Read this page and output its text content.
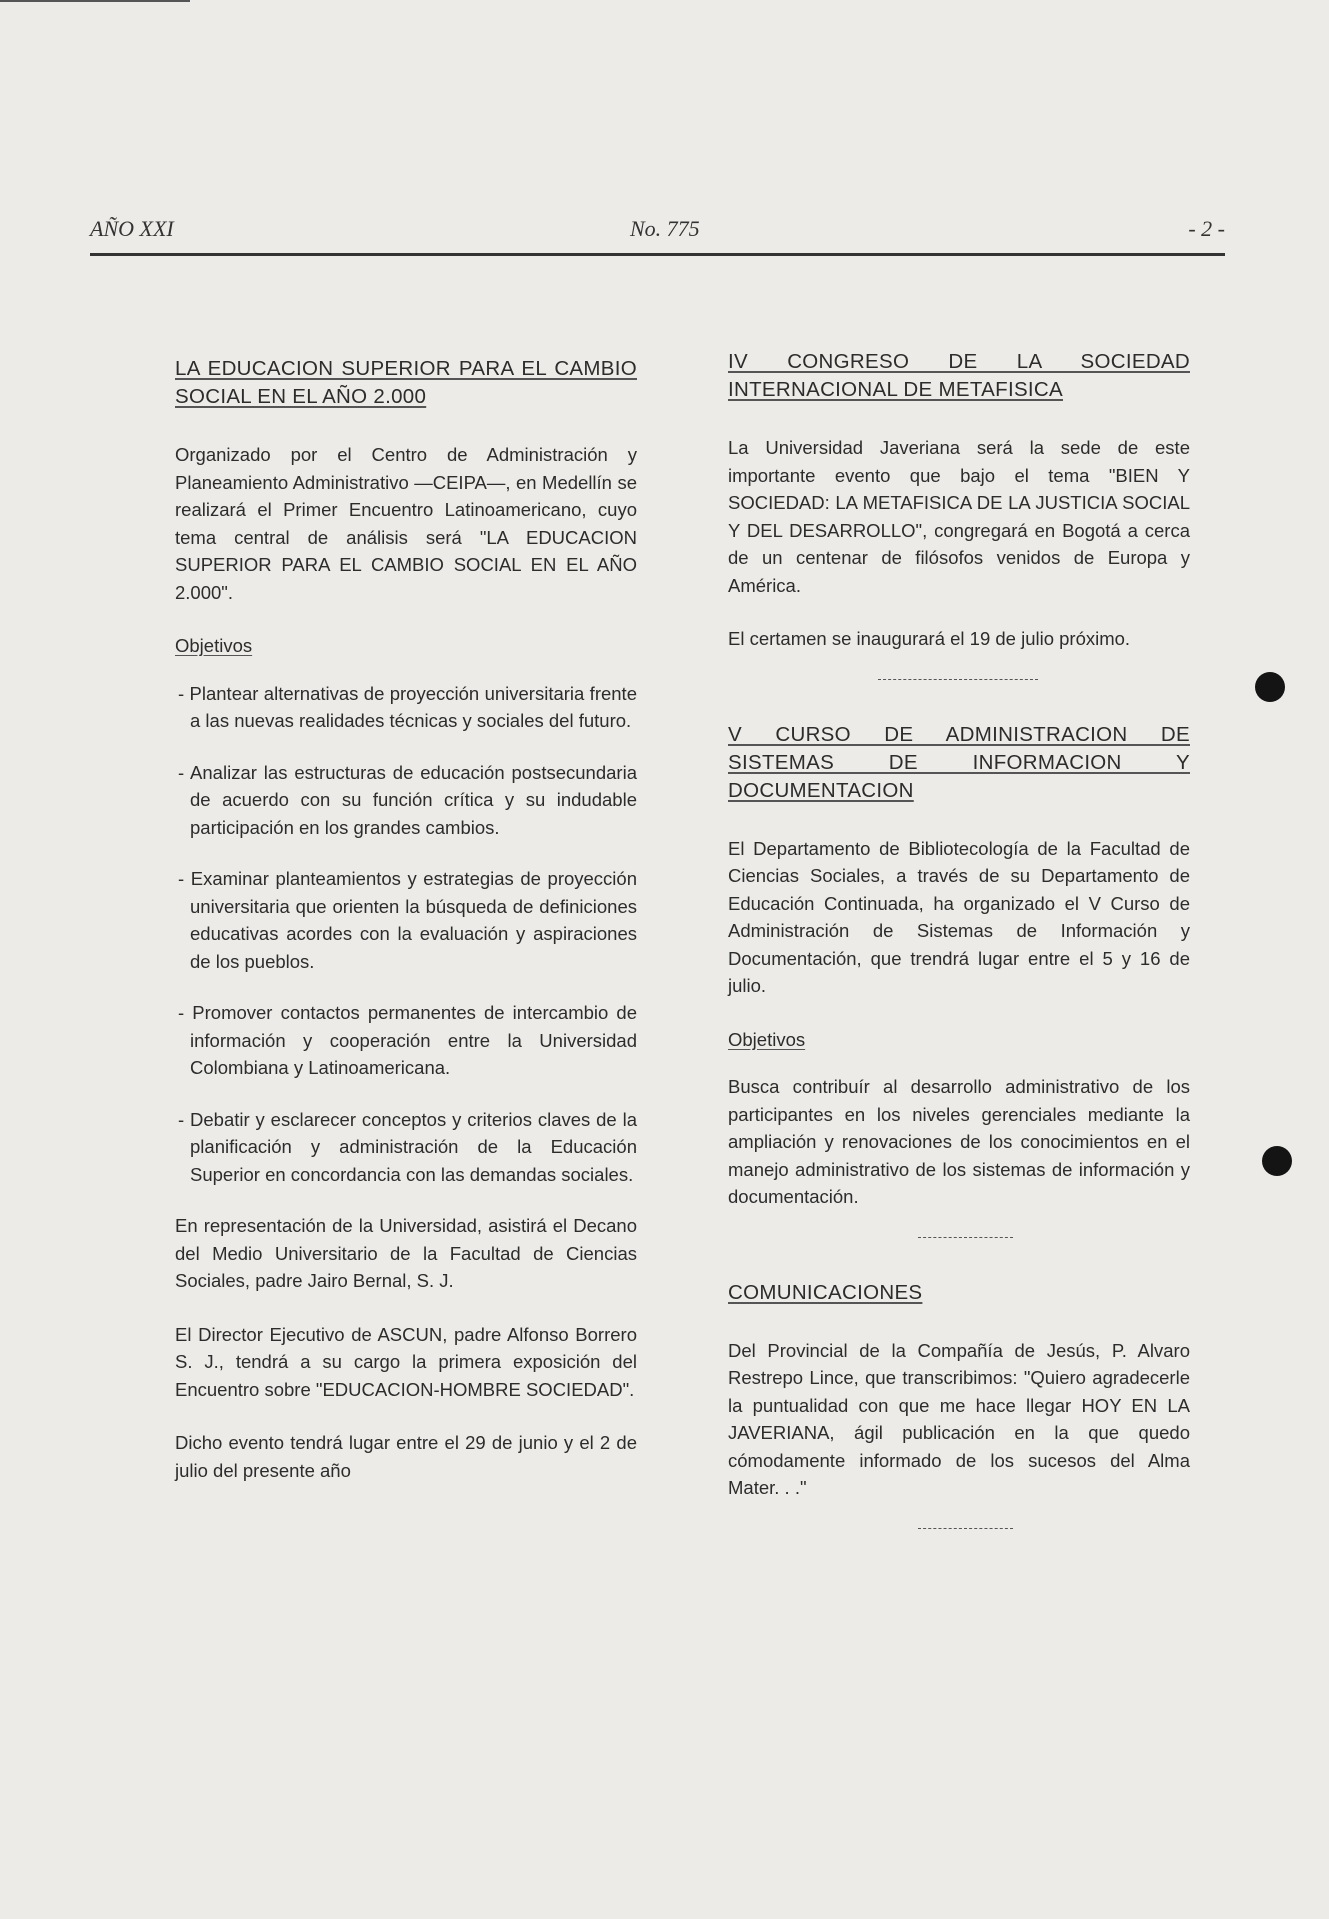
AÑO XXI	No. 775	- 2 -
LA EDUCACION SUPERIOR PARA EL CAMBIO SOCIAL EN EL AÑO 2.000

Organizado por el Centro de Administración y Planeamiento Administrativo —CEIPA—, en Medellín se realizará el Primer Encuentro Latinoamericano, cuyo tema central de análisis será "LA EDUCACION SUPERIOR PARA EL CAMBIO SOCIAL EN EL AÑO 2.000".

Objetivos

- Plantear alternativas de proyección universitaria frente a las nuevas realidades técnicas y sociales del futuro.

- Analizar las estructuras de educación postsecundaria de acuerdo con su función crítica y su indudable participación en los grandes cambios.

- Examinar planteamientos y estrategias de proyección universitaria que orienten la búsqueda de definiciones educativas acordes con la evaluación y aspiraciones de los pueblos.

- Promover contactos permanentes de intercambio de información y cooperación entre la Universidad Colombiana y Latinoamericana.

- Debatir y esclarecer conceptos y criterios claves de la planificación y administración de la Educación Superior en concordancia con las demandas sociales.

En representación de la Universidad, asistirá el Decano del Medio Universitario de la Facultad de Ciencias Sociales, padre Jairo Bernal, S. J.

El Director Ejecutivo de ASCUN, padre Alfonso Borrero S. J., tendrá a su cargo la primera exposición del Encuentro sobre "EDUCACION-HOMBRE SOCIEDAD".

Dicho evento tendrá lugar entre el 29 de junio y el 2 de julio del presente año

IV CONGRESO DE LA SOCIEDAD INTERNACIONAL DE METAFISICA

La Universidad Javeriana será la sede de este importante evento que bajo el tema "BIEN Y SOCIEDAD: LA METAFISICA DE LA JUSTICIA SOCIAL Y DEL DESARROLLO", congregará en Bogotá a cerca de un centenar de filósofos venidos de Europa y América.

El certamen se inaugurará el 19 de julio próximo.

V CURSO DE ADMINISTRACION DE SISTEMAS DE INFORMACION Y DOCUMENTACION

El Departamento de Bibliotecología de la Facultad de Ciencias Sociales, a través de su Departamento de Educación Continuada, ha organizado el V Curso de Administración de Sistemas de Información y Documentación, que trendrá lugar entre el 5 y 16 de julio.

Objetivos

Busca contribuír al desarrollo administrativo de los participantes en los niveles gerenciales mediante la ampliación y renovaciones de los conocimientos en el manejo administrativo de los sistemas de información y documentación.

COMUNICACIONES

Del Provincial de la Compañía de Jesús, P. Alvaro Restrepo Lince, que transcribimos: "Quiero agradecerle la puntualidad con que me hace llegar HOY EN LA JAVERIANA, ágil publicación en la que quedo cómodamente informado de los sucesos del Alma Mater. . ."
